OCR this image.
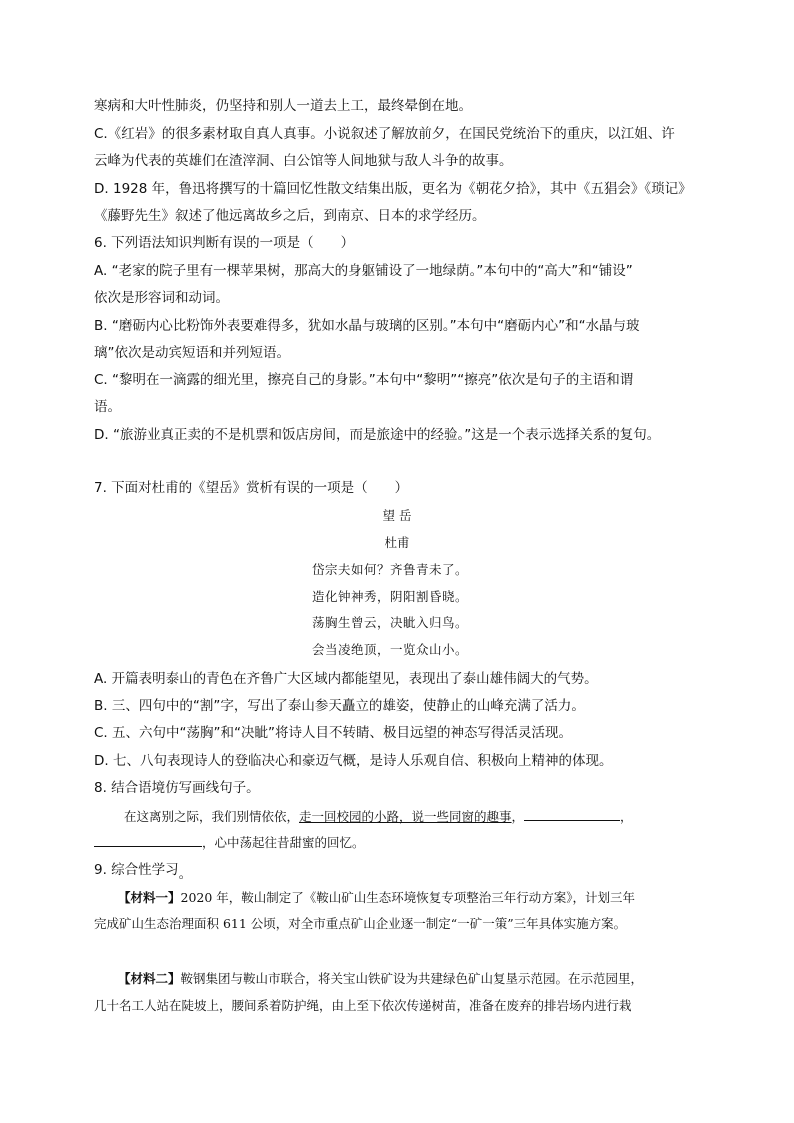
寒病和大叶性肺炎，仍坚持和别人一道去上工，最终晕倒在地。
C.《红岩》的很多素材取自真人真事。小说叙述了解放前夕，在国民党统治下的重庆，以江姐、许
云峰为代表的英雄们在渣滓洞、白公馆等人间地狱与敌人斗争的故事。
D. 1928 年，鲁迅将撰写的十篇回忆性散文结集出版，更名为《朝花夕拾》，其中《五猖会》《琐记》
《藤野先生》叙述了他远离故乡之后，到南京、日本的求学经历。
6. 下列语法知识判断有误的一项是（　　）
A. “老家的院子里有一棵苹果树，那高大的身躯铺设了一地绿荫。”本句中的“高大”和“铺设”
依次是形容词和动词。
B. “磨砺内心比粉饰外表要难得多，犹如水晶与玻璃的区别。”本句中“磨砺内心”和“水晶与玻
璃”依次是动宾短语和并列短语。
C. “黎明在一滴露的细光里，擦亮自己的身影。”本句中“黎明”“擦亮”依次是句子的主语和谓
语。
D. “旅游业真正卖的不是机票和饭店房间，而是旅途中的经验。”这是一个表示选择关系的复句。
7. 下面对杜甫的《望岳》赏析有误的一项是（　　）
望 岳
杜甫
岱宗夫如何？齐鲁青未了。
造化钟神秀，阴阳割昏晓。
荡胸生曾云，决眦入归鸟。
会当凌绝顶，一览众山小。
A. 开篇表明泰山的青色在齐鲁广大区域内都能望见，表现出了泰山雄伟阔大的气势。
B. 三、四句中的“割”字，写出了泰山参天矗立的雄姿，使静止的山峰充满了活力。
C. 五、六句中“荡胸”和“决眦”将诗人目不转睛、极目远望的神态写得活灵活现。
D. 七、八句表现诗人的登临决心和豪迈气概，是诗人乐观自信、积极向上精神的体现。
8. 结合语境仿写画线句子。
在这离别之际，我们别情依依，走一回校园的小路，说一些同窗的趣事，	，
，心中荡起往昔甜蜜的回忆。
9. 综合性学习。
【材料一】2020 年，鞍山制定了《鞍山矿山生态环境恢复专项整治三年行动方案》，计划三年
完成矿山生态治理面积 611 公顷，对全市重点矿山企业逐一制定“一矿一策”三年具体实施方案。
【材料二】鞍钢集团与鞍山市联合，将关宝山铁矿设为共建绿色矿山复垦示范园。在示范园里，
几十名工人站在陡坡上，腰间系着防护绳，由上至下依次传递树苗，准备在废弃的排岩场内进行栽
